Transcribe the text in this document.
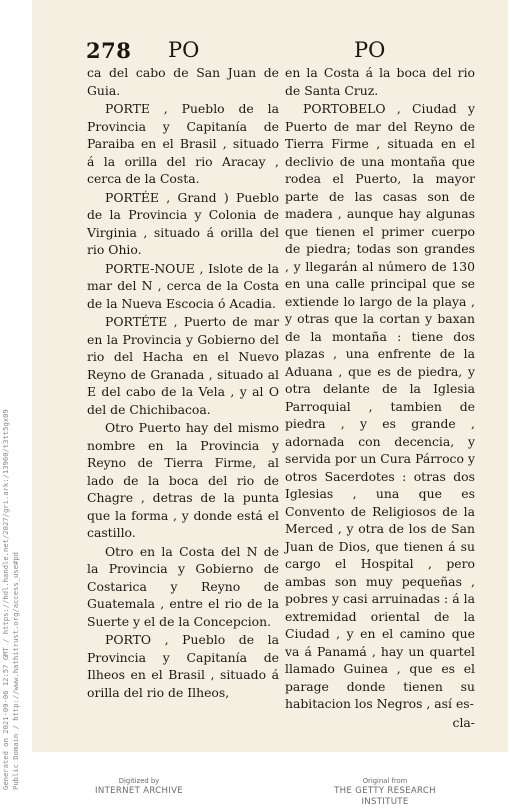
Generated on 2021-09-06 12:57 GMT / https://hdl.handle.net/2027/gri.ark:/13960/t3tt5gx09 Public Domain / http://www.hathitrust.org/access_use#pd
278 PO	PO

ca del cabo de San Juan de Guia.

PORTE , Pueblo de la Provincia y Capitanía de Paraiba en el Brasil , situado á la orilla del rio Aracay , cerca de la Costa.

PORTÉE , Grand ) Pueblo de la Provincia y Colonia de Virginia , situado á orilla del rio Ohio.

PORTE-NOUE , Islote de la mar del N , cerca de la Costa de la Nueva Escocia ó Acadia.

PORTÉTE , Puerto de mar en la Provincia y Gobierno del rio del Hacha en el Nuevo Reyno de Granada , situado al E del cabo de la Vela , y al O del de Chichibacoa.

Otro Puerto hay del mismo nombre en la Provincia y Reyno de Tierra Firme, al lado de la boca del rio de Chagre , detras de la punta que la forma , y donde está el castillo.

Otro en la Costa del N de la Provincia y Gobierno de Costarica y Reyno de Guatemala , entre el rio de la Suerte y el de la Concepcion.

PORTO , Pueblo de la Provincia y Capitanía de Ilheos en el Brasil , situado á orilla del rio de Ilheos,

en la Costa á la boca del rio de Santa Cruz.

PORTOBELO , Ciudad y Puerto de mar del Reyno de Tierra Firme , situada en el declivio de una montaña que rodea el Puerto, la mayor parte de las casas son de madera , aunque hay algunas que tienen el primer cuerpo de piedra; todas son grandes , y llegarán al número de 130 en una calle principal que se extiende lo largo de la playa , y otras que la cortan y baxan de la montaña : tiene dos plazas , una enfrente de la Aduana , que es de piedra, y otra delante de la Iglesia Parroquial , tambien de piedra , y es grande , adornada con decencia, y servida por un Cura Párroco y otros Sacerdotes : otras dos Iglesias , una que es Convento de Religiosos de la Merced , y otra de los de San Juan de Dios, que tienen á su cargo el Hospital , pero ambas son muy pequeñas , pobres y casi arruinadas : á la extremidad oriental de la Ciudad , y en el camino que va á Panamá , hay un quartel llamado Guinea , que es el parage donde tienen su habitacion los Negros , así es-

cla-

Digitized by
INTERNET ARCHIVE
Original from
THE GETTY RESEARCH INSTITUTE
